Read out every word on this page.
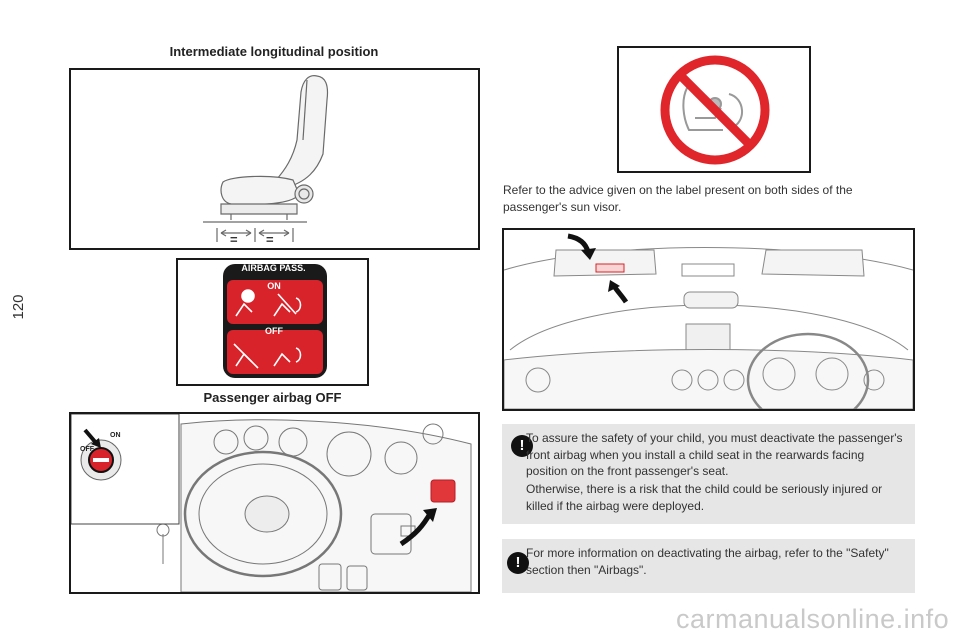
120
Intermediate longitudinal position
= =
AIRBAG PASS.
ON
OFF
Passenger airbag OFF
OFF
ON
Refer to the advice given on the label present on both sides of the passenger's sun visor.
! To assure the safety of your child, you must deactivate the passenger's front airbag when you install a child seat in the rearwards facing position on the front passenger's seat.
Otherwise, there is a risk that the child could be seriously injured or killed if the airbag were deployed.
!
For more information on deactivating the airbag, refer to the "Safety" section then "Airbags".
carmanualsonline.info
